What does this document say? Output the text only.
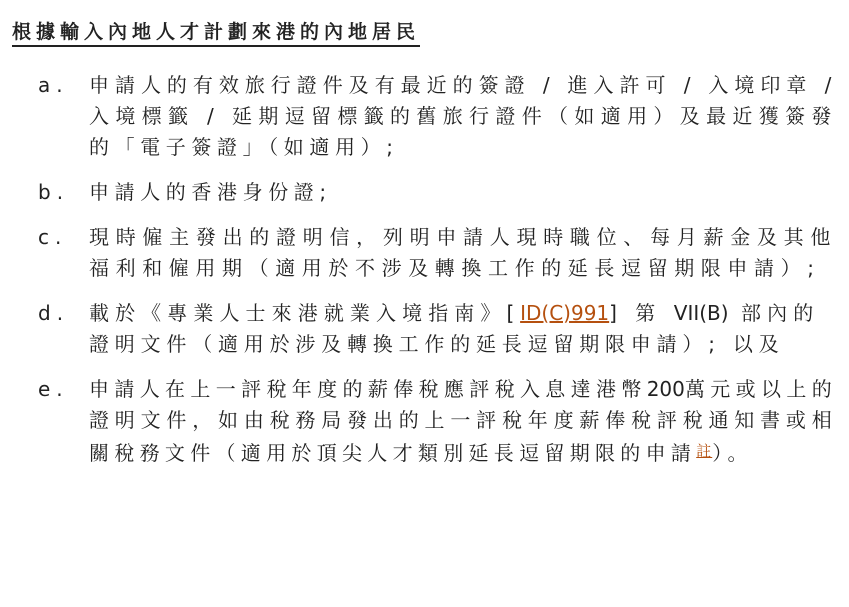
根據輸入內地人才計劃來港的內地居民
a. 申請人的有效旅行證件及有最近的簽證 / 進入許可 / 入境印章 / 入境標籤 / 延期逗留標籤的舊旅行證件（如適用）及最近獲簽發的「電子簽證」（如適用）;
b. 申請人的香港身份證;
c. 現時僱主發出的證明信，列明申請人現時職位、每月薪金及其他福利和僱用期（適用於不涉及轉換工作的延長逗留期限申請）;
d. 載於《專業人士來港就業入境指南》[ID(C)991] 第 VII(B) 部內的證明文件（適用於涉及轉換工作的延長逗留期限申請）; 以及
e. 申請人在上一評稅年度的薪俸稅應評稅入息達港幣200萬元或以上的證明文件，如由稅務局發出的上一評稅年度薪俸稅評稅通知書或相關稅務文件（適用於頂尖人才類別延長逗留期限的申請$^註$）。
